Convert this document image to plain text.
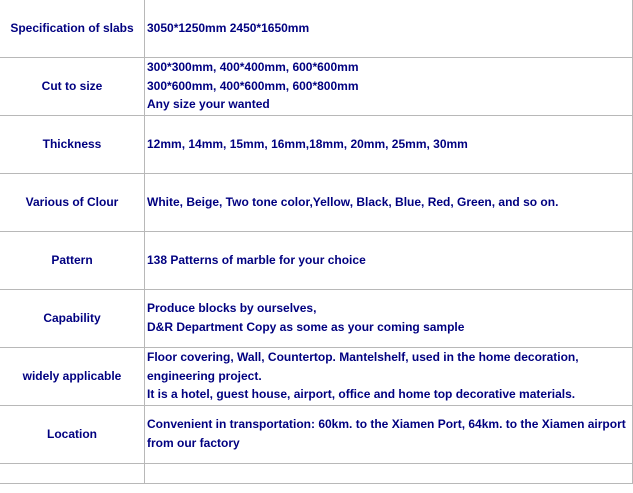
Specification of slabs	3050*1250mm 2450*1650mm

Cut to size	300*300mm, 400*400mm, 600*600mm
300*600mm, 400*600mm, 600*800mm
Any size your wanted

Thickness	12mm, 14mm, 15mm, 16mm,18mm, 20mm, 25mm, 30mm

Various of Clour	White, Beige, Two tone color,Yellow, Black, Blue, Red, Green, and so on.

Pattern	138 Patterns of marble for your choice

Capability	Produce blocks by ourselves,
D&R Department Copy as some as your coming sample

widely applicable	Floor covering, Wall, Countertop. Mantelshelf, used in the home decoration,
engineering project.
It is a hotel, guest house, airport, office and home top decorative materials.

Location	Convenient in transportation: 60km. to the Xiamen Port, 64km. to the Xiamen airport
from our factory
